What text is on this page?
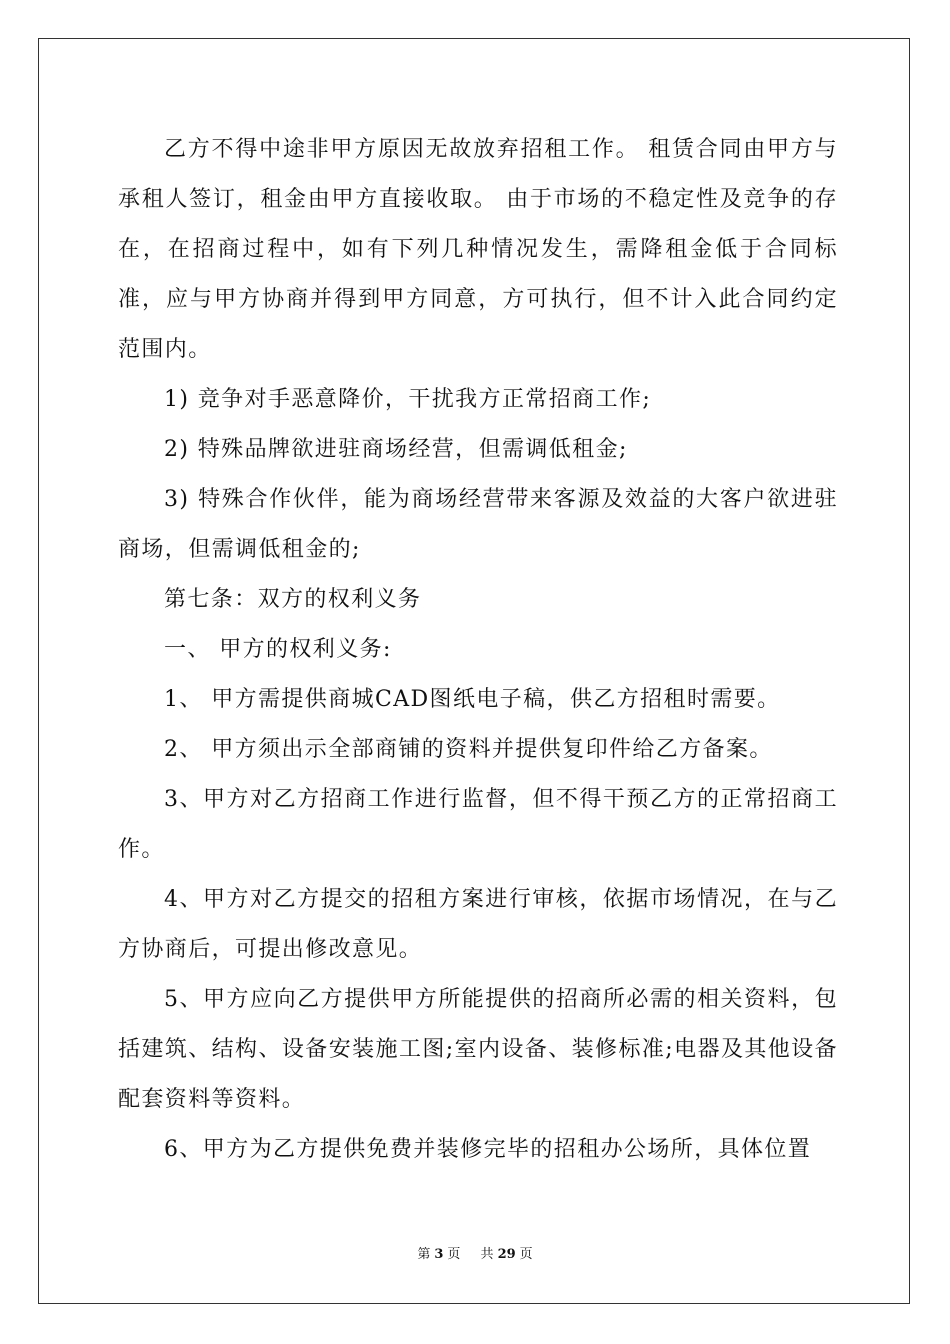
乙方不得中途非甲方原因无故放弃招租工作。 租赁合同由甲方与承租人签订，租金由甲方直接收取。 由于市场的不稳定性及竞争的存在，在招商过程中，如有下列几种情况发生，需降租金低于合同标准，应与甲方协商并得到甲方同意，方可执行，但不计入此合同约定范围内。

1) 竞争对手恶意降价，干扰我方正常招商工作;

2) 特殊品牌欲进驻商场经营，但需调低租金;

3) 特殊合作伙伴，能为商场经营带来客源及效益的大客户欲进驻商场，但需调低租金的;

第七条：双方的权利义务

一、 甲方的权利义务:

1、 甲方需提供商城CAD图纸电子稿，供乙方招租时需要。

2、 甲方须出示全部商铺的资料并提供复印件给乙方备案。

3、甲方对乙方招商工作进行监督，但不得干预乙方的正常招商工作。

4、甲方对乙方提交的招租方案进行审核，依据市场情况，在与乙方协商后，可提出修改意见。

5、甲方应向乙方提供甲方所能提供的招商所必需的相关资料，包括建筑、结构、设备安装施工图;室内设备、装修标准;电器及其他设备配套资料等资料。

6、甲方为乙方提供免费并装修完毕的招租办公场所，具体位置

第 3 页 共 29 页
